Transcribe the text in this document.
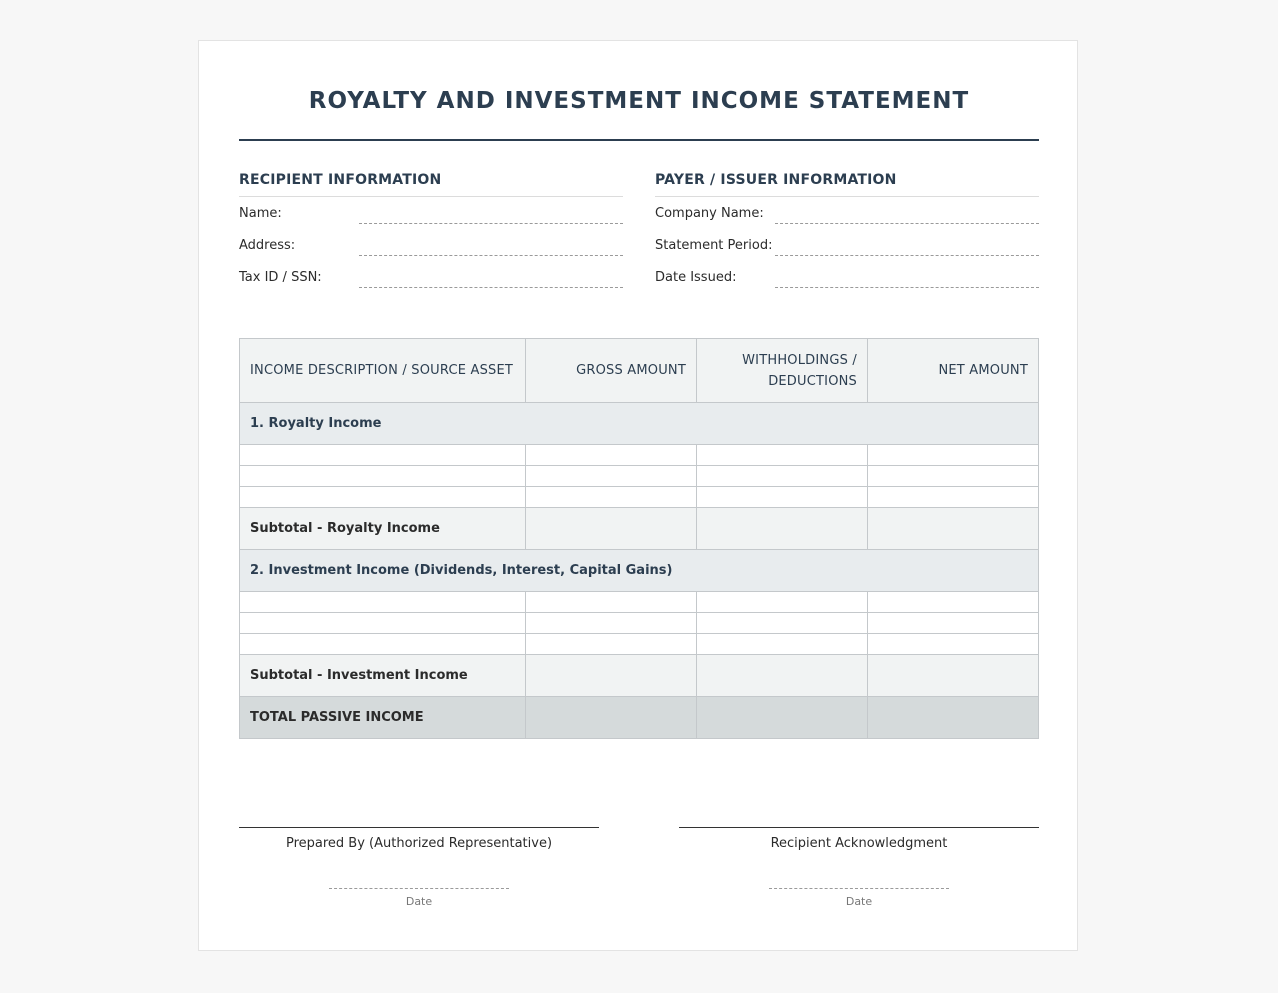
ROYALTY AND INVESTMENT INCOME STATEMENT
RECIPIENT INFORMATION
Name:
Address:
Tax ID / SSN:
PAYER / ISSUER INFORMATION
Company Name:
Statement Period:
Date Issued:
INCOME DESCRIPTION / SOURCE ASSET	GROSS AMOUNT	WITHHOLDINGS /
DEDUCTIONS	NET AMOUNT
1. Royalty Income			

Subtotal - Royalty Income			
2. Investment Income (Dividends, Interest, Capital Gains)			

Subtotal - Investment Income			
TOTAL PASSIVE INCOME			
Prepared By (Authorized Representative)
Date
Recipient Acknowledgment
Date
